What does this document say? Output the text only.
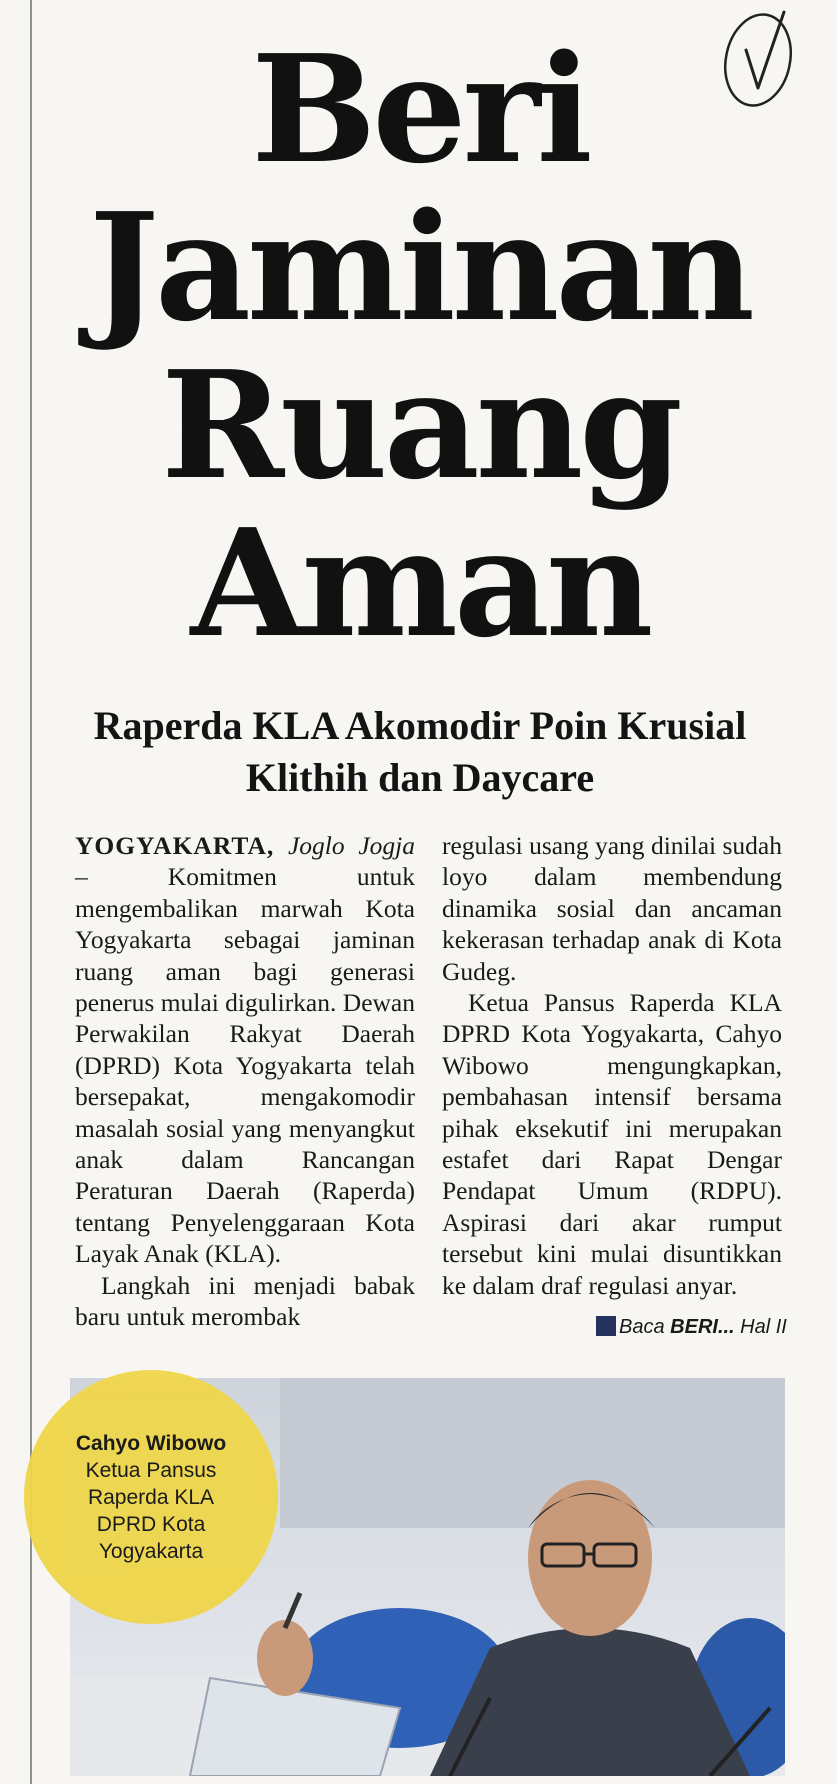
Beri
Jaminan
Ruang
Aman
Raperda KLA Akomodir Poin Krusial
Klithih dan Daycare

YOGYAKARTA, Joglo Jogja – Komitmen untuk mengembalikan marwah Kota Yogyakarta sebagai jaminan ruang aman bagi generasi penerus mulai digulirkan. Dewan Perwakilan Rakyat Daerah (DPRD) Kota Yogyakarta telah bersepakat, mengakomodir masalah sosial yang menyangkut anak dalam Rancangan Peraturan Daerah (Raperda) tentang Penyelenggaraan Kota Layak Anak (KLA).

Langkah ini menjadi babak baru untuk merombak

regulasi usang yang dinilai sudah loyo dalam membendung dinamika sosial dan ancaman kekerasan terhadap anak di Kota Gudeg.

Ketua Pansus Raperda KLA DPRD Kota Yogyakarta, Cahyo Wibowo mengungkapkan, pembahasan intensif bersama pihak eksekutif ini merupakan estafet dari Rapat Dengar Pendapat Umum (RDPU). Aspirasi dari akar rumput tersebut kini mulai disuntikkan ke dalam draf regulasi anyar.

Baca BERI... Hal II
Cahyo Wibowo
Ketua Pansus
Raperda KLA
DPRD Kota
Yogyakarta
